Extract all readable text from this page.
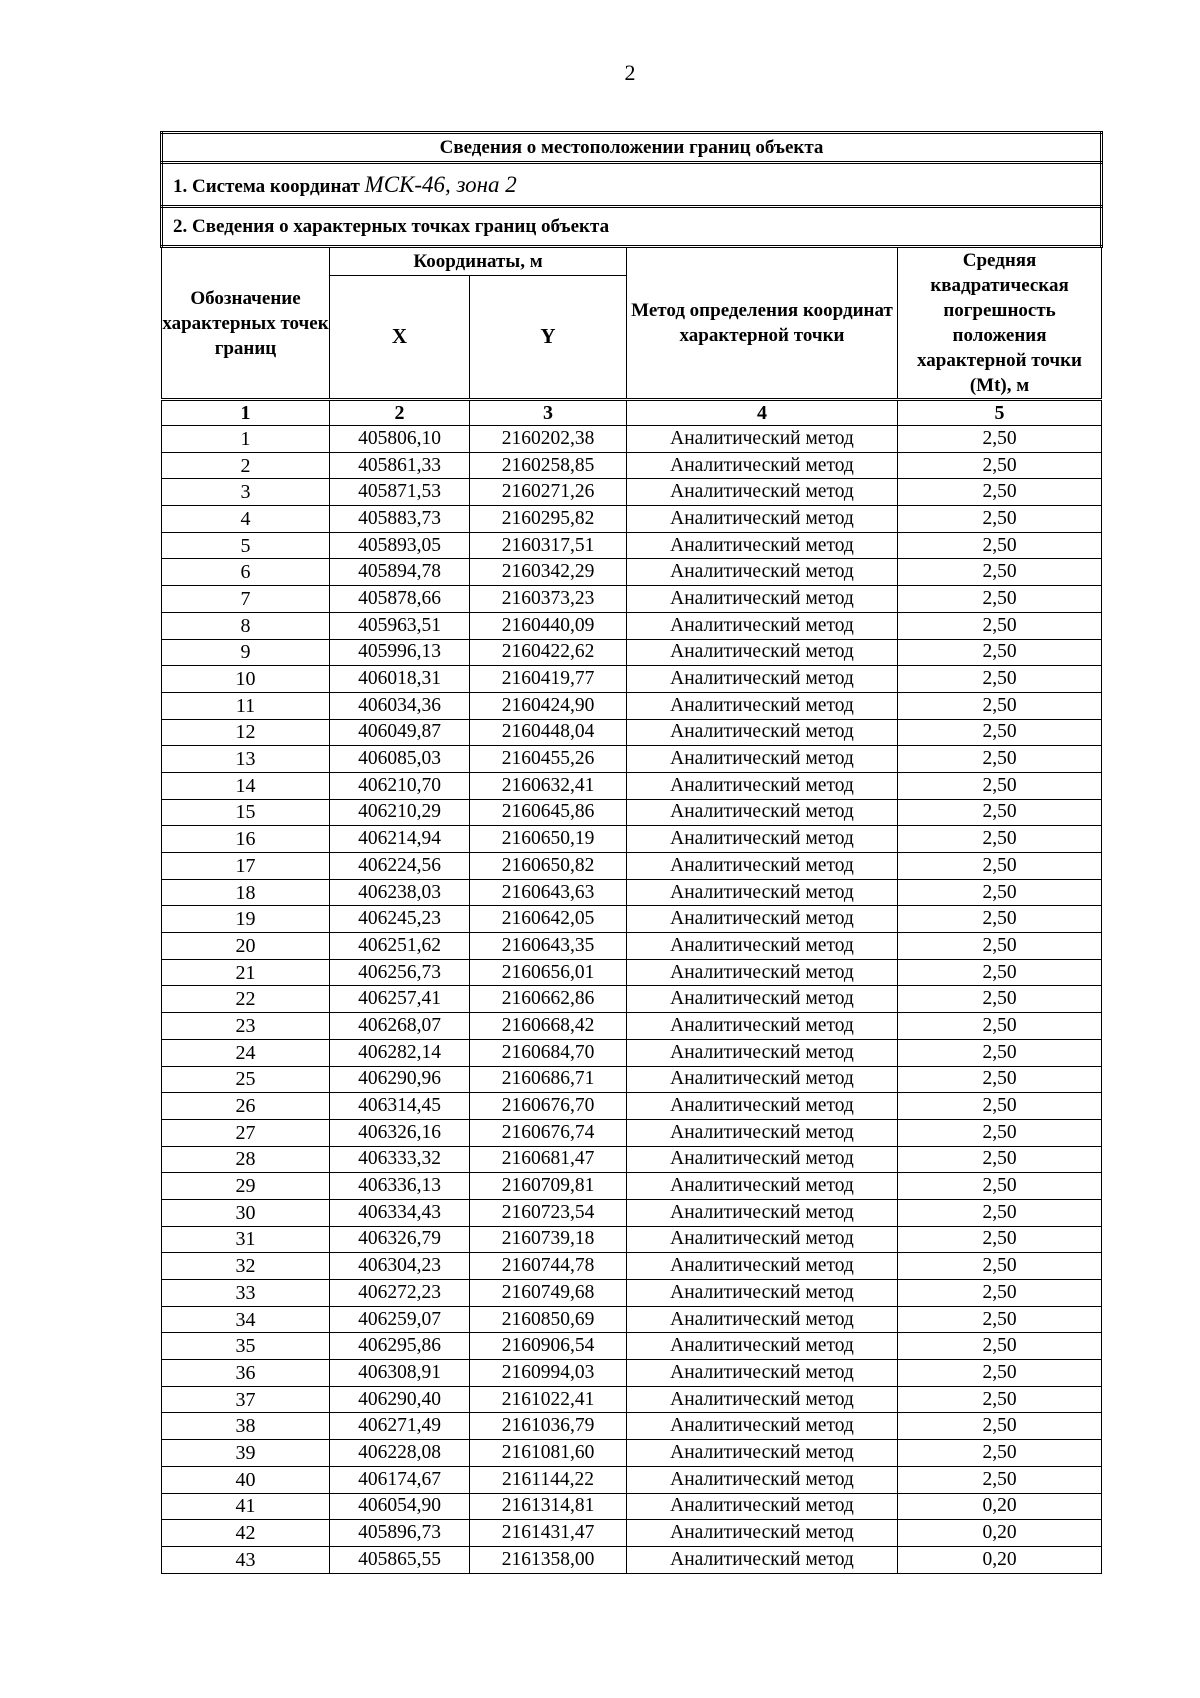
2
Сведения о местоположении границ объекта				
1. Система координат МСК-46, зона 2				
2. Сведения о характерных точках границ объекта				
Обозначение характерных точек границ	Координаты, м		Метод определения координат характерной точки	Средняя квадратическая погрешность положения характерной точки (Mt), м
	X	Y		
1	2	3	4	5
1	405806,10	2160202,38	Аналитический метод	2,50
2	405861,33	2160258,85	Аналитический метод	2,50
3	405871,53	2160271,26	Аналитический метод	2,50
4	405883,73	2160295,82	Аналитический метод	2,50
5	405893,05	2160317,51	Аналитический метод	2,50
6	405894,78	2160342,29	Аналитический метод	2,50
7	405878,66	2160373,23	Аналитический метод	2,50
8	405963,51	2160440,09	Аналитический метод	2,50
9	405996,13	2160422,62	Аналитический метод	2,50
10	406018,31	2160419,77	Аналитический метод	2,50
11	406034,36	2160424,90	Аналитический метод	2,50
12	406049,87	2160448,04	Аналитический метод	2,50
13	406085,03	2160455,26	Аналитический метод	2,50
14	406210,70	2160632,41	Аналитический метод	2,50
15	406210,29	2160645,86	Аналитический метод	2,50
16	406214,94	2160650,19	Аналитический метод	2,50
17	406224,56	2160650,82	Аналитический метод	2,50
18	406238,03	2160643,63	Аналитический метод	2,50
19	406245,23	2160642,05	Аналитический метод	2,50
20	406251,62	2160643,35	Аналитический метод	2,50
21	406256,73	2160656,01	Аналитический метод	2,50
22	406257,41	2160662,86	Аналитический метод	2,50
23	406268,07	2160668,42	Аналитический метод	2,50
24	406282,14	2160684,70	Аналитический метод	2,50
25	406290,96	2160686,71	Аналитический метод	2,50
26	406314,45	2160676,70	Аналитический метод	2,50
27	406326,16	2160676,74	Аналитический метод	2,50
28	406333,32	2160681,47	Аналитический метод	2,50
29	406336,13	2160709,81	Аналитический метод	2,50
30	406334,43	2160723,54	Аналитический метод	2,50
31	406326,79	2160739,18	Аналитический метод	2,50
32	406304,23	2160744,78	Аналитический метод	2,50
33	406272,23	2160749,68	Аналитический метод	2,50
34	406259,07	2160850,69	Аналитический метод	2,50
35	406295,86	2160906,54	Аналитический метод	2,50
36	406308,91	2160994,03	Аналитический метод	2,50
37	406290,40	2161022,41	Аналитический метод	2,50
38	406271,49	2161036,79	Аналитический метод	2,50
39	406228,08	2161081,60	Аналитический метод	2,50
40	406174,67	2161144,22	Аналитический метод	2,50
41	406054,90	2161314,81	Аналитический метод	0,20
42	405896,73	2161431,47	Аналитический метод	0,20
43	405865,55	2161358,00	Аналитический метод	0,20
